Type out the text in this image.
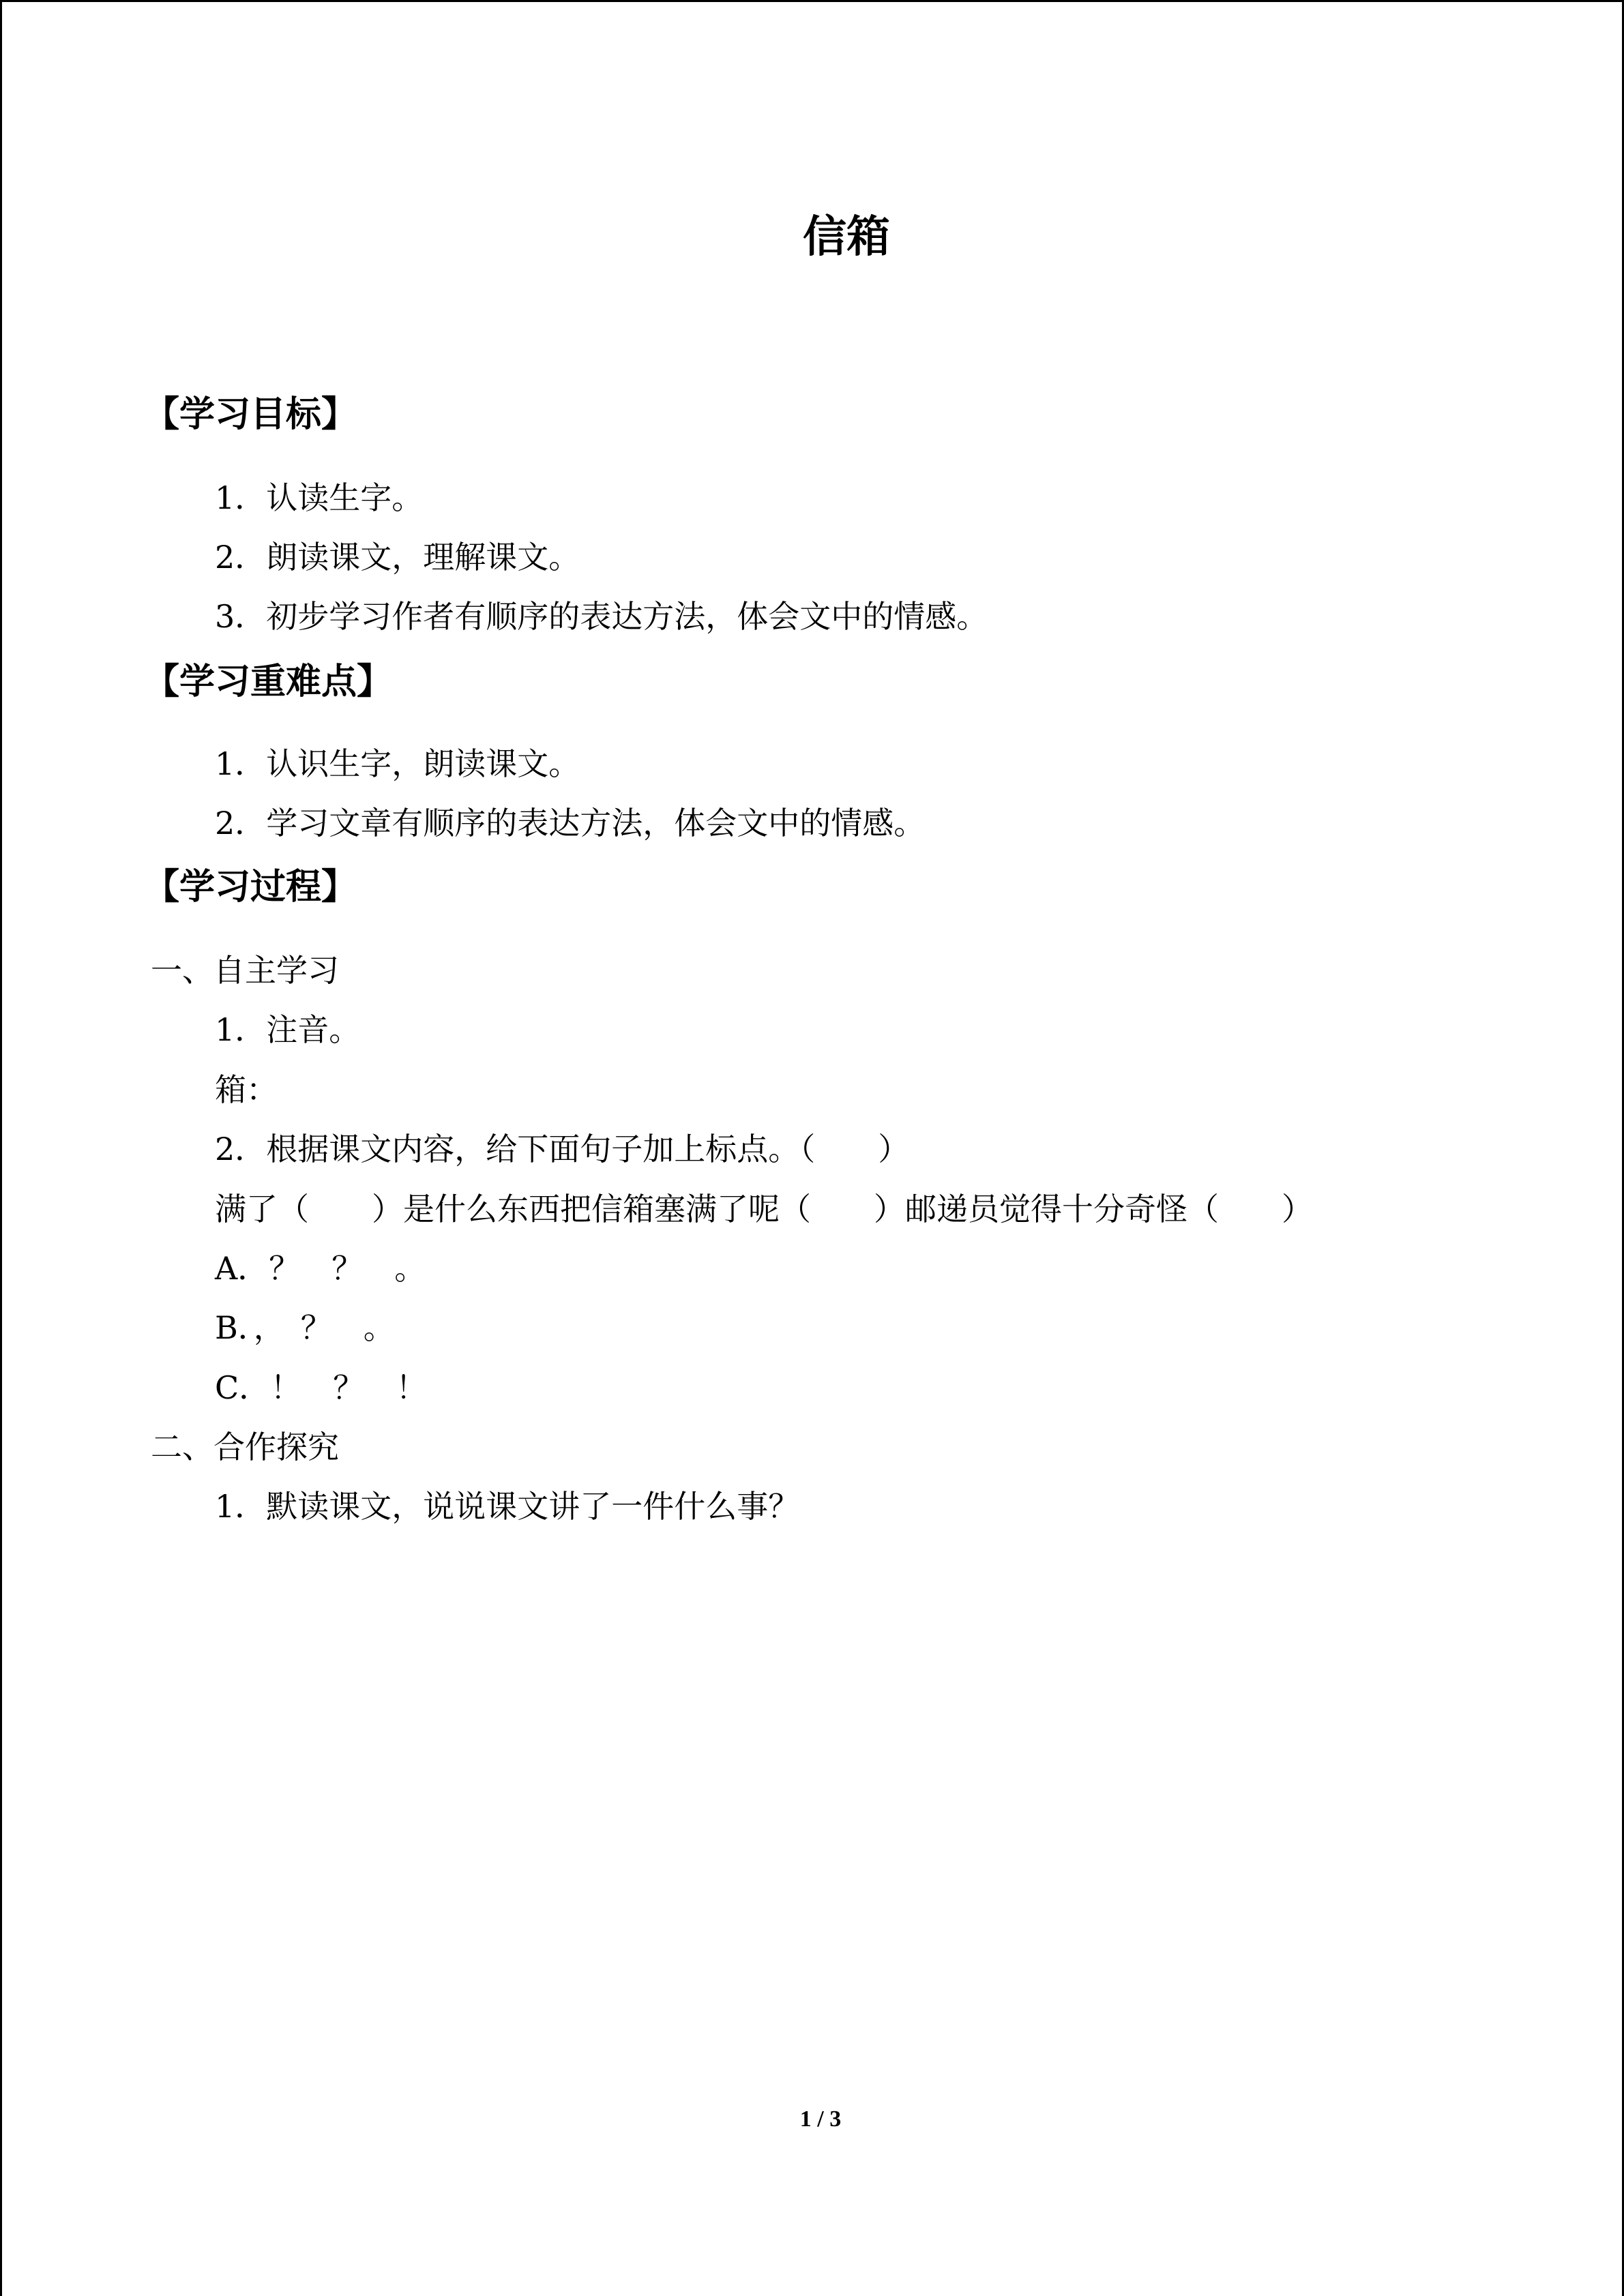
信箱
【学习目标】
1．认读生字。
2．朗读课文，理解课文。
3．初步学习作者有顺序的表达方法，体会文中的情感。
【学习重难点】
1．认识生字，朗读课文。
2．学习文章有顺序的表达方法，体会文中的情感。
【学习过程】
一、自主学习
1．注音。
箱：
2．根据课文内容，给下面句子加上标点。（　　）
满了（　　）是什么东西把信箱塞满了呢（　　）邮递员觉得十分奇怪（　　）
A．？　？　。
B．，　？　。
C．！　？　！
二、合作探究
1．默读课文，说说课文讲了一件什么事？
1 / 3
